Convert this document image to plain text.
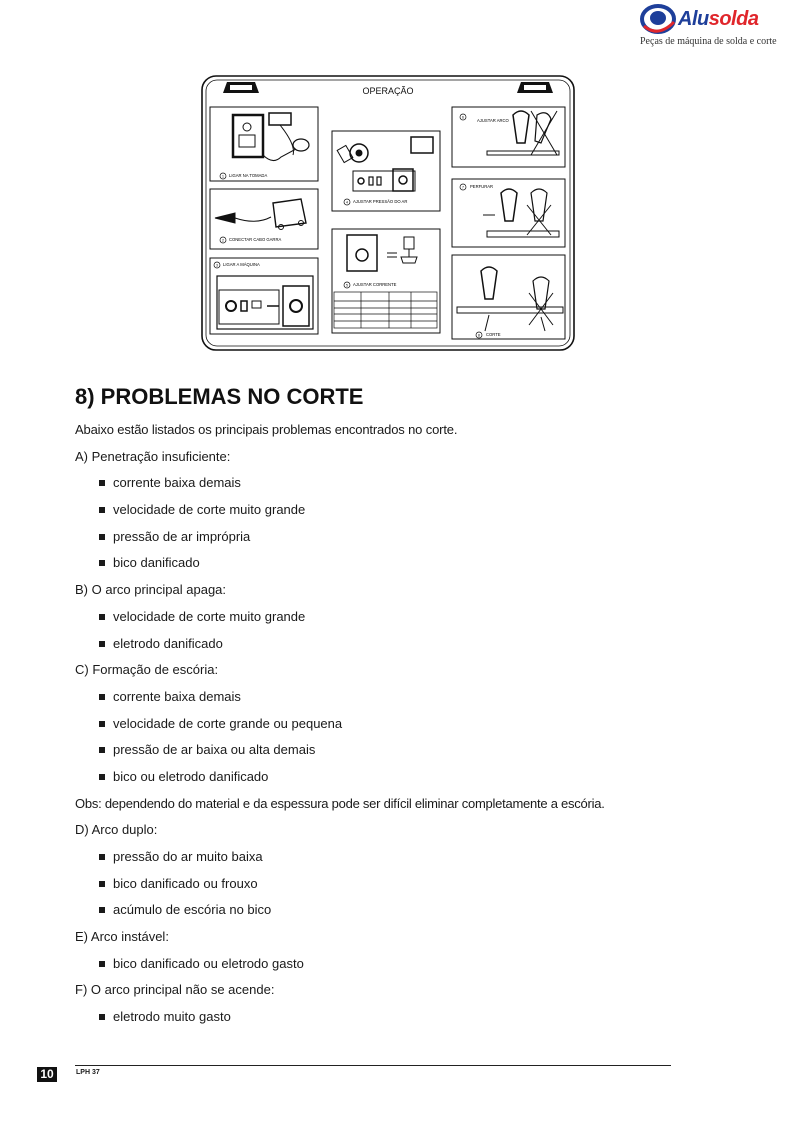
Alusolda
Peças de máquina de solda e corte
OPERAÇÃO
1 LIGAR NA TOMADA
2 CONECTAR CABO GARRA
3 LIGAR A MÁQUINA
4 AJUSTAR PRESSÃO DO AR
5 AJUSTAR CORRENTE
6
AJUSTAR ARCO
7 PERFURAR
8 CORTE
8) PROBLEMAS NO CORTE
Abaixo estão listados os principais problemas encontrados no corte.
A) Penetração insuficiente:
corrente baixa demais
velocidade de corte muito grande
pressão de ar imprópria
bico danificado
B) O arco principal apaga:
velocidade de corte muito grande
eletrodo danificado
C) Formação de escória:
corrente baixa demais
velocidade de corte grande ou pequena
pressão de ar baixa ou alta demais
bico ou eletrodo danificado
Obs: dependendo do material e da espessura pode ser difícil eliminar completamente a escória.
D) Arco duplo:
pressão do ar muito baixa
bico danificado ou frouxo
acúmulo de escória no bico
E) Arco instável:
bico danificado ou eletrodo gasto
F) O arco principal não se acende:
eletrodo muito gasto
10	LPH 37
